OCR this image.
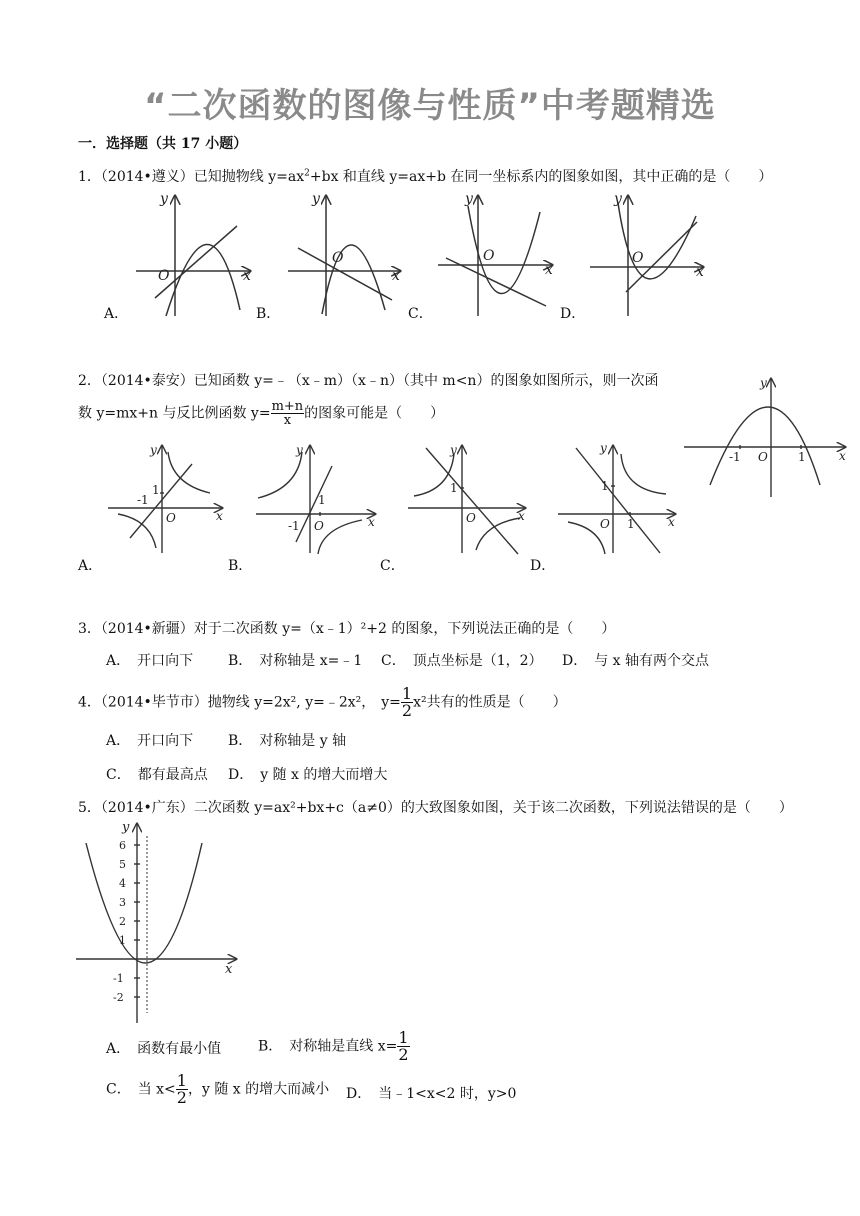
“二次函数的图像与性质”中考题精选
一．选择题（共 17 小题）
1．（2014•遵义）已知抛物线 $y=ax^2+bx$ 和直线 y=ax+b 在同一坐标系内的图象如图，其中正确的是（　　）
y
x
O
y
x
O
y
x
O
y
x
O
A．	B．	C．	D．
2．（2014•泰安）已知函数 y=﹣（x﹣m）（x﹣n）（其中 m<n）的图象如图所示，则一次函
数 y=mx+n 与反比例函数 $y= \frac{m+n}{x}$ 的图象可能是（　　）
y
x
O
-1	1
y
x
O
1
-1
y
x
O
1
-1
y
x
O
1
y
x
O
1
1
A．	B．	C．	D．
3．（2014•新疆）对于二次函数 y=（x﹣1）²+2 的图象，下列说法正确的是（　　）
A．　开口向下 B．　对称轴是 x=﹣1 C．　顶点坐标是（1，2） D．　与 x 轴有两个交点
4．（2014•毕节市）抛物线 y=2x², y=﹣2x²， $y= \frac{1}{2} x^2$共有的性质是（　　）
A．　开口向下 B．　对称轴是 y 轴
C．　都有最高点 D．　y 随 x 的增大而增大
5．（2014•广东）二次函数 y=ax²+bx+c（a≠0）的大致图象如图，关于该二次函数，下列说法错误的是（　　）
y
x
6
5
4
3
2
1
-1
-2
A．　函数有最小值	B．　对称轴是直线 $x= \frac{1}{2}$
C．　当 $x< \frac{1}{2}$ ，y 随 x 的增大而减小 D．　当﹣1<x<2 时，y>0
